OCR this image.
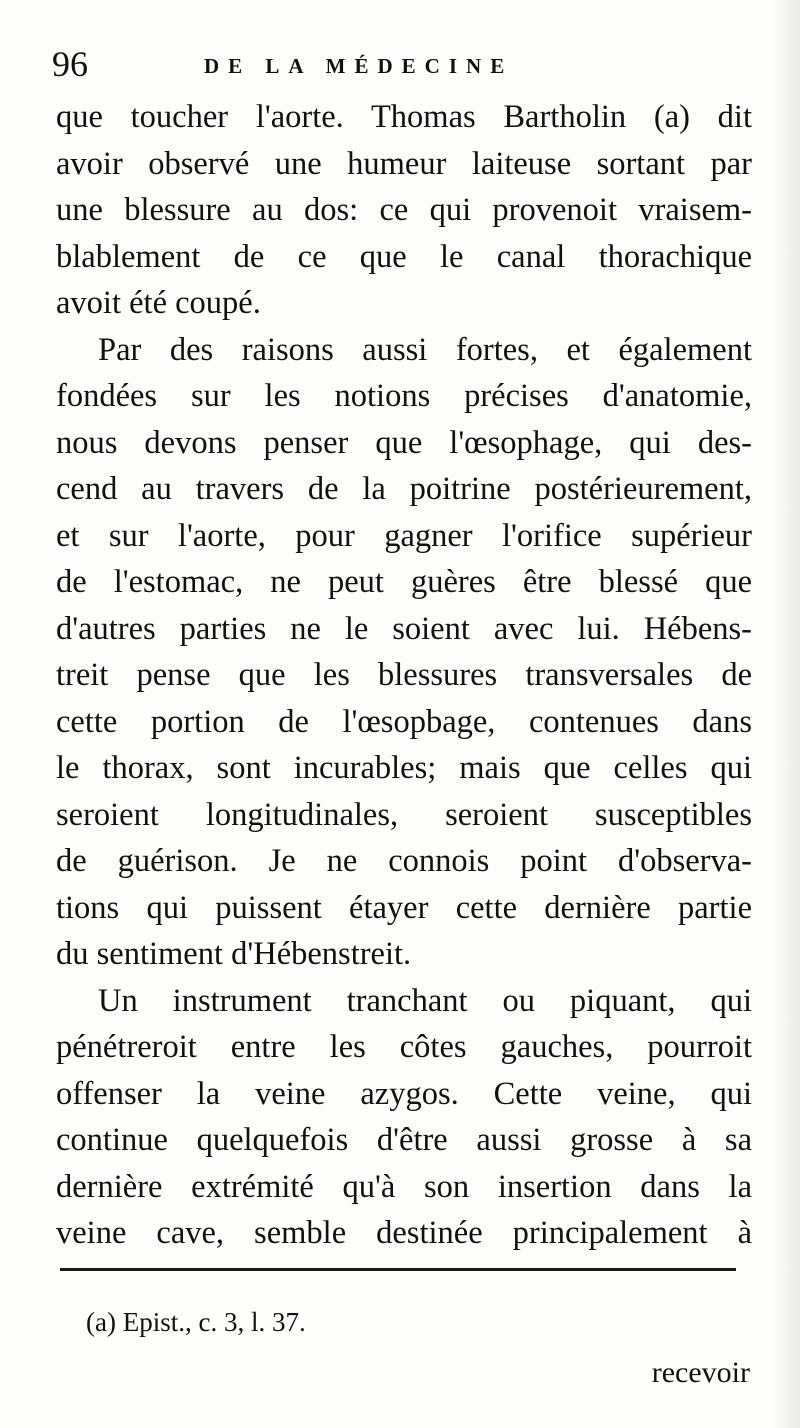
96	DE LA MÉDECINE
que toucher l'aorte. Thomas Bartholin (a) dit
avoir observé une humeur laiteuse sortant par
une blessure au dos: ce qui provenoit vraisem-
blablement de ce que le canal thorachique
avoit été coupé.
Par des raisons aussi fortes, et également
fondées sur les notions précises d'anatomie,
nous devons penser que l'œsophage, qui des-
cend au travers de la poitrine postérieurement,
et sur l'aorte, pour gagner l'orifice supérieur
de l'estomac, ne peut guères être blessé que
d'autres parties ne le soient avec lui. Hébens-
treit pense que les blessures transversales de
cette portion de l'œsopbage, contenues dans
le thorax, sont incurables; mais que celles qui
seroient longitudinales, seroient susceptibles
de guérison. Je ne connois point d'observa-
tions qui puissent étayer cette dernière partie
du sentiment d'Hébenstreit.
Un instrument tranchant ou piquant, qui
pénétreroit entre les côtes gauches, pourroit
offenser la veine azygos. Cette veine, qui
continue quelquefois d'être aussi grosse à sa
dernière extrémité qu'à son insertion dans la
veine cave, semble destinée principalement à
(a) Epist., c. 3, l. 37.
recevoir
